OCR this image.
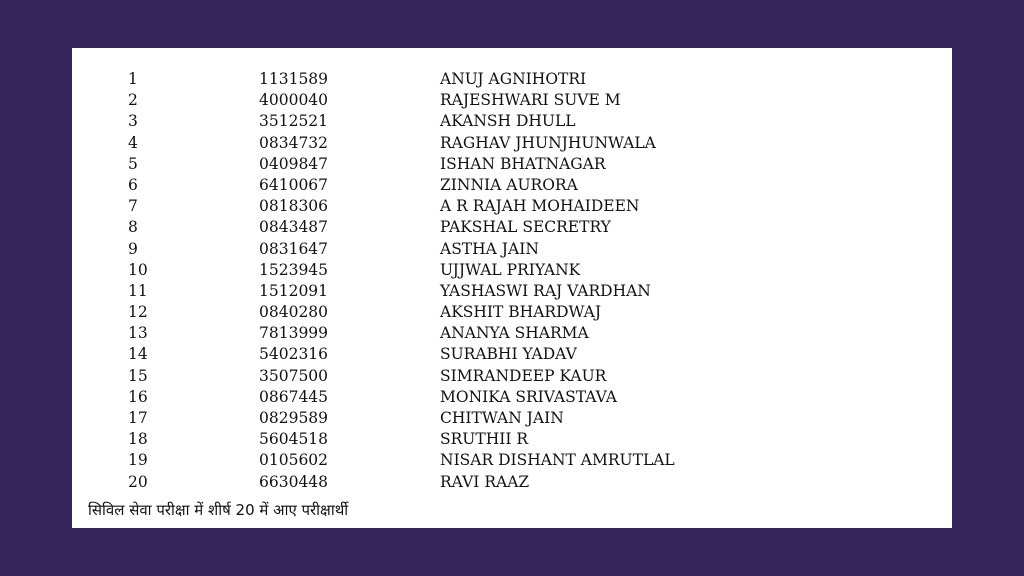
1	1131589	ANUJ AGNIHOTRI
2	4000040	RAJESHWARI SUVE M
3	3512521	AKANSH DHULL
4	0834732	RAGHAV JHUNJHUNWALA
5	0409847	ISHAN BHATNAGAR
6	6410067	ZINNIA AURORA
7	0818306	A R RAJAH MOHAIDEEN
8	0843487	PAKSHAL SECRETRY
9	0831647	ASTHA JAIN
10	1523945	UJJWAL PRIYANK
11	1512091	YASHASWI RAJ VARDHAN
12	0840280	AKSHIT BHARDWAJ
13	7813999	ANANYA SHARMA
14	5402316	SURABHI YADAV
15	3507500	SIMRANDEEP KAUR
16	0867445	MONIKA SRIVASTAVA
17	0829589	CHITWAN JAIN
18	5604518	SRUTHII R
19	0105602	NISAR DISHANT AMRUTLAL
20	6630448	RAVI RAAZ
सिविल सेवा परीक्षा में शीर्ष 20 में आए परीक्षार्थी
